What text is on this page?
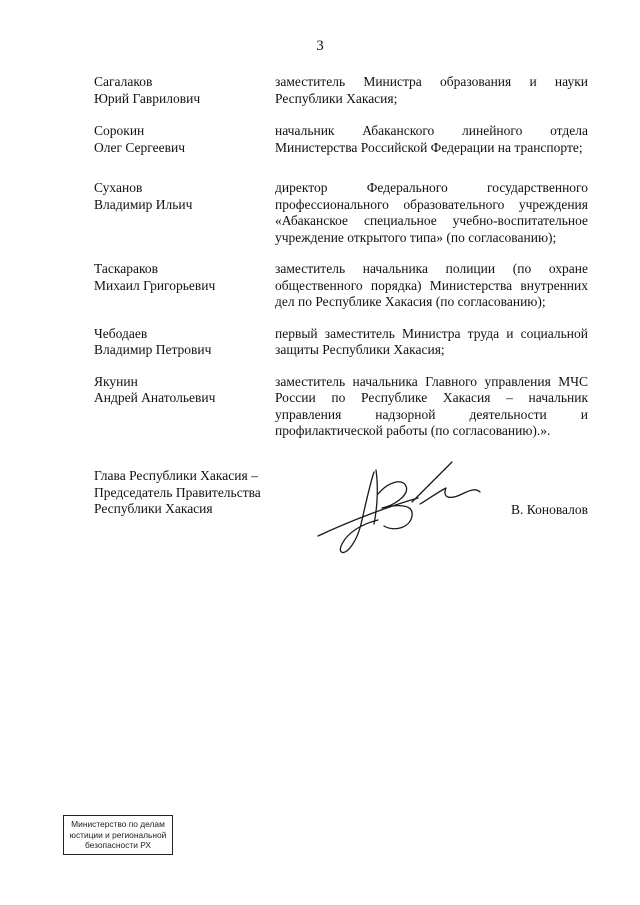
3
Сагалаков
Юрий Гаврилович
заместитель Министра образования и науки Республики Хакасия;
Сорокин
Олег Сергеевич
начальник Абаканского линейного отдела Министерства Российской Федерации на транспорте;
Суханов
Владимир Ильич
директор Федерального государственного профессионального образовательного учреждения «Абаканское специальное учебно-воспитательное учреждение открытого типа» (по согласованию);
Таскараков
Михаил Григорьевич
заместитель начальника полиции (по охране общественного порядка) Министерства внутренних дел по Республике Хакасия (по согласованию);
Чебодаев
Владимир Петрович
первый заместитель Министра труда и социальной защиты Республики Хакасия;
Якунин
Андрей Анатольевич
заместитель начальника Главного управления МЧС России по Республике Хакасия – начальник управления надзорной деятельности и профилактической работы (по согласованию).».
Глава Республики Хакасия –
Председатель Правительства
Республики Хакасия	В. Коновалов
Министерство по делам
юстиции и региональной
безопасности РХ
